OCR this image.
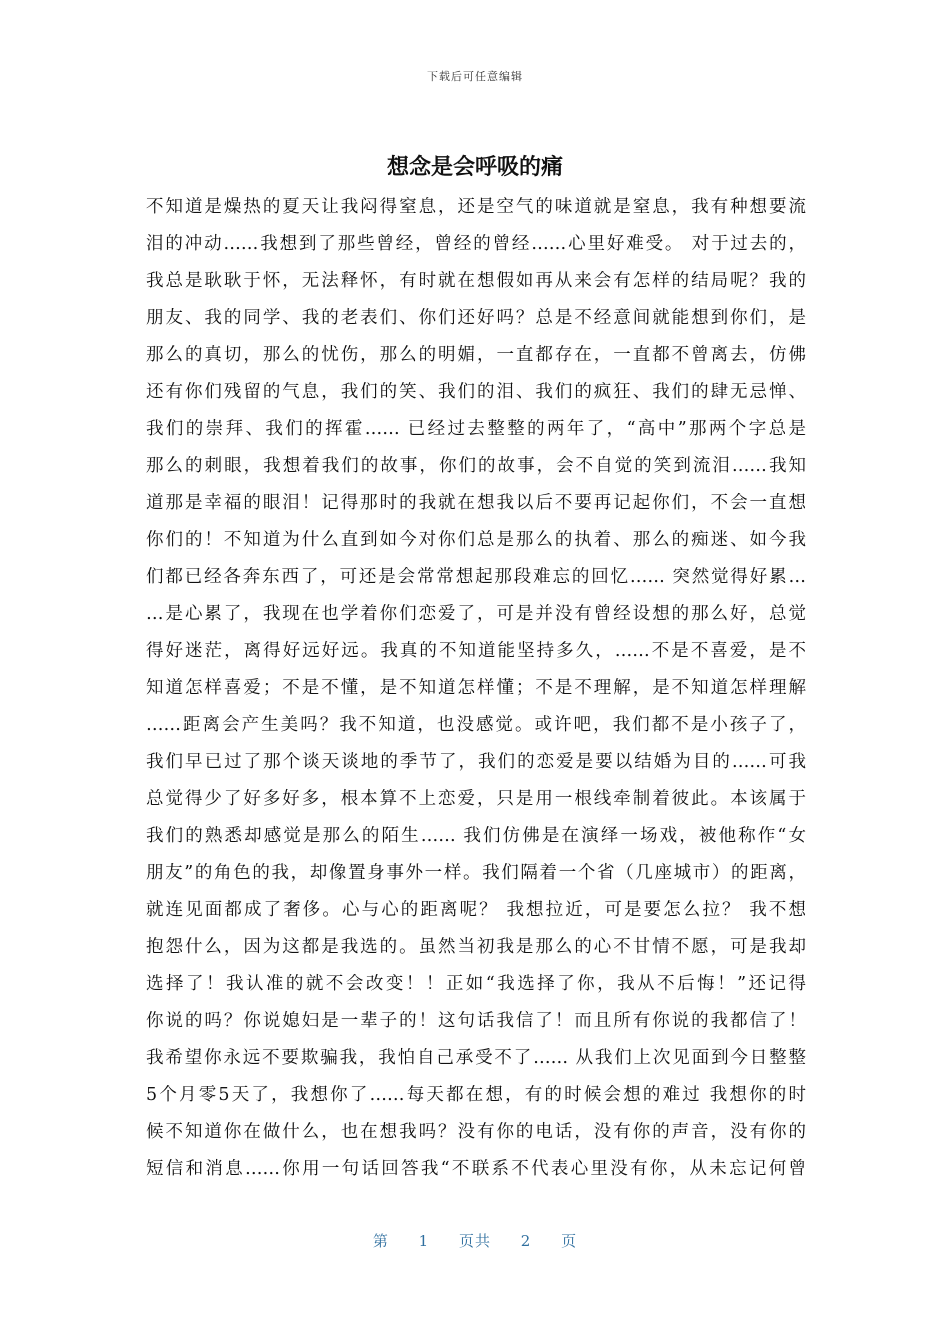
下载后可任意编辑
想念是会呼吸的痛
不知道是燥热的夏天让我闷得窒息，还是空气的味道就是窒息，我有种想要流
泪的冲动……我想到了那些曾经，曾经的曾经……心里好难受。 对于过去的，
我总是耿耿于怀，无法释怀，有时就在想假如再从来会有怎样的结局呢？我的
朋友、我的同学、我的老表们、你们还好吗？总是不经意间就能想到你们，是
那么的真切，那么的忧伤，那么的明媚，一直都存在，一直都不曾离去，仿佛
还有你们残留的气息，我们的笑、我们的泪、我们的疯狂、我们的肆无忌惮、
我们的崇拜、我们的挥霍…… 已经过去整整的两年了，“高中”那两个字总是
那么的刺眼，我想着我们的故事，你们的故事，会不自觉的笑到流泪……我知
道那是幸福的眼泪！记得那时的我就在想我以后不要再记起你们，不会一直想
你们的！不知道为什么直到如今对你们总是那么的执着、那么的痴迷、如今我
们都已经各奔东西了，可还是会常常想起那段难忘的回忆…… 突然觉得好累…
…是心累了，我现在也学着你们恋爱了，可是并没有曾经设想的那么好，总觉
得好迷茫，离得好远好远。我真的不知道能坚持多久，……不是不喜爱，是不
知道怎样喜爱；不是不懂，是不知道怎样懂；不是不理解，是不知道怎样理解
……距离会产生美吗？我不知道，也没感觉。或许吧，我们都不是小孩子了，
我们早已过了那个谈天谈地的季节了，我们的恋爱是要以结婚为目的……可我
总觉得少了好多好多，根本算不上恋爱，只是用一根线牵制着彼此。本该属于
我们的熟悉却感觉是那么的陌生…… 我们仿佛是在演绎一场戏，被他称作“女
朋友”的角色的我，却像置身事外一样。我们隔着一个省（几座城市）的距离，
就连见面都成了奢侈。心与心的距离呢？ 我想拉近，可是要怎么拉？ 我不想
抱怨什么，因为这都是我选的。虽然当初我是那么的心不甘情不愿，可是我却
选择了！我认准的就不会改变！！正如“我选择了你，我从不后悔！”还记得
你说的吗？你说媳妇是一辈子的！这句话我信了！而且所有你说的我都信了！
我希望你永远不要欺骗我，我怕自己承受不了…… 从我们上次见面到今日整整
5个月零5天了，我想你了……每天都在想，有的时候会想的难过 我想你的时
候不知道你在做什么，也在想我吗？没有你的电话，没有你的声音，没有你的
短信和消息……你用一句话回答我“不联系不代表心里没有你，从未忘记何曾
第 1 页共 2 页
